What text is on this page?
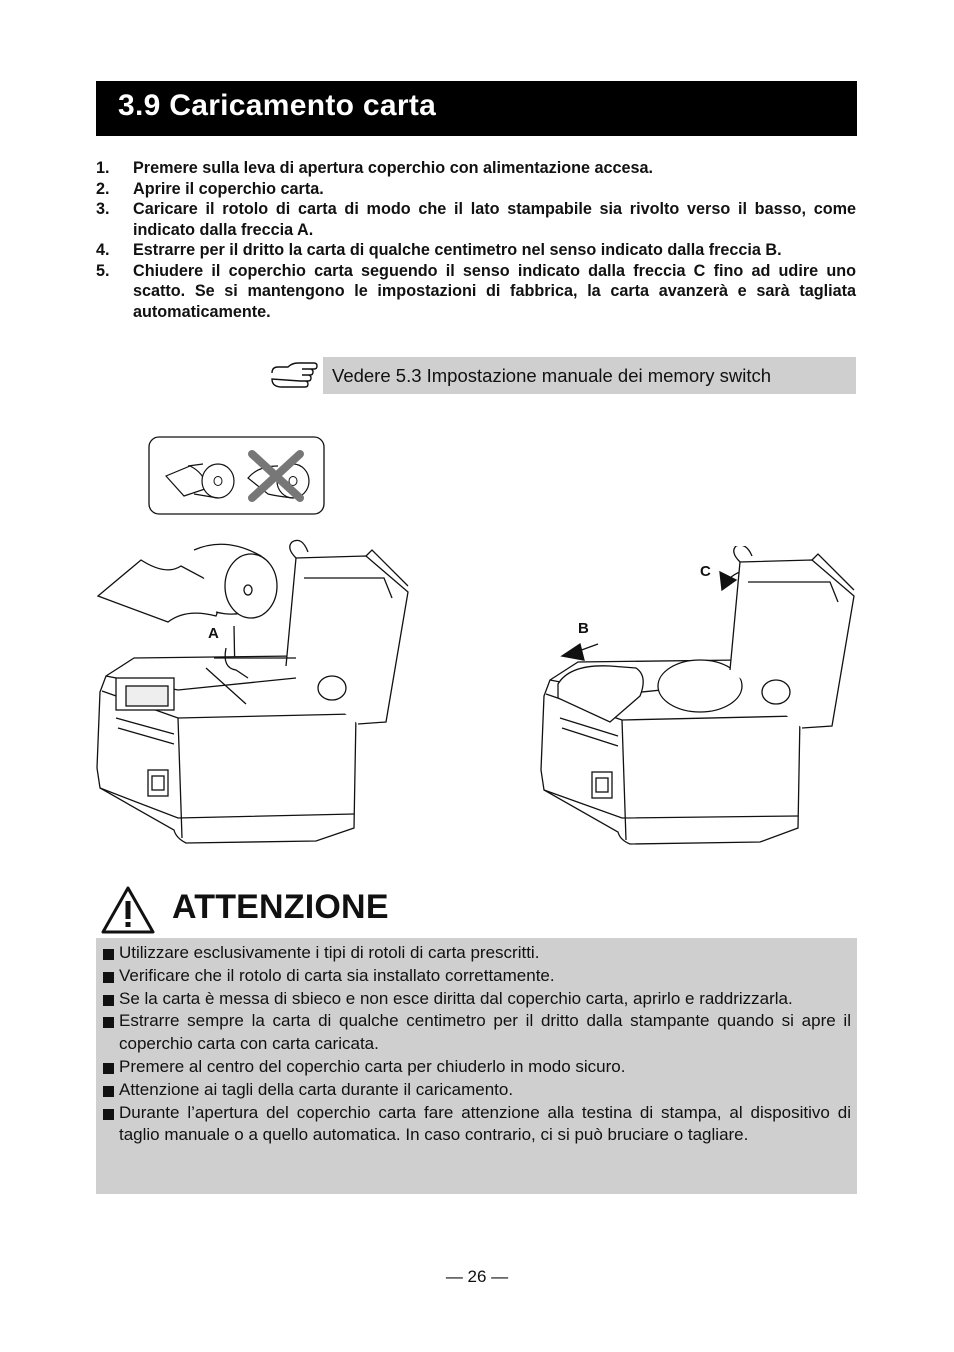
3.9 Caricamento carta
1. Premere sulla leva di apertura coperchio con alimentazione accesa.
2. Aprire il coperchio carta.
3. Caricare il rotolo di carta di modo che il lato stampabile sia rivolto verso il basso, come indicato dalla freccia A.
4. Estrarre per il dritto la carta di qualche centimetro nel senso indicato dalla freccia B.
5. Chiudere il coperchio carta seguendo il senso indicato dalla freccia C fino ad udire uno scatto. Se si mantengono le impostazioni di fabbrica, la carta avanzerà e sarà tagliata automaticamente.
Vedere 5.3 Impostazione manuale dei memory switch
A
C
B
ATTENZIONE
Utilizzare esclusivamente i tipi di rotoli di carta prescritti.
Verificare che il rotolo di carta sia installato correttamente.
Se la carta è messa di sbieco e non esce diritta dal coperchio carta, aprirlo e raddrizzarla.
Estrarre sempre la carta di qualche centimetro per il dritto dalla stampante quando si apre il coperchio carta con carta caricata.
Premere al centro del coperchio carta per chiuderlo in modo sicuro.
Attenzione ai tagli della carta durante il caricamento.
Durante l’apertura del coperchio carta fare attenzione alla testina di stampa, al dispositivo di taglio manuale o a quello automatica. In caso contrario, ci si può bruciare o tagliare.
— 26 —
